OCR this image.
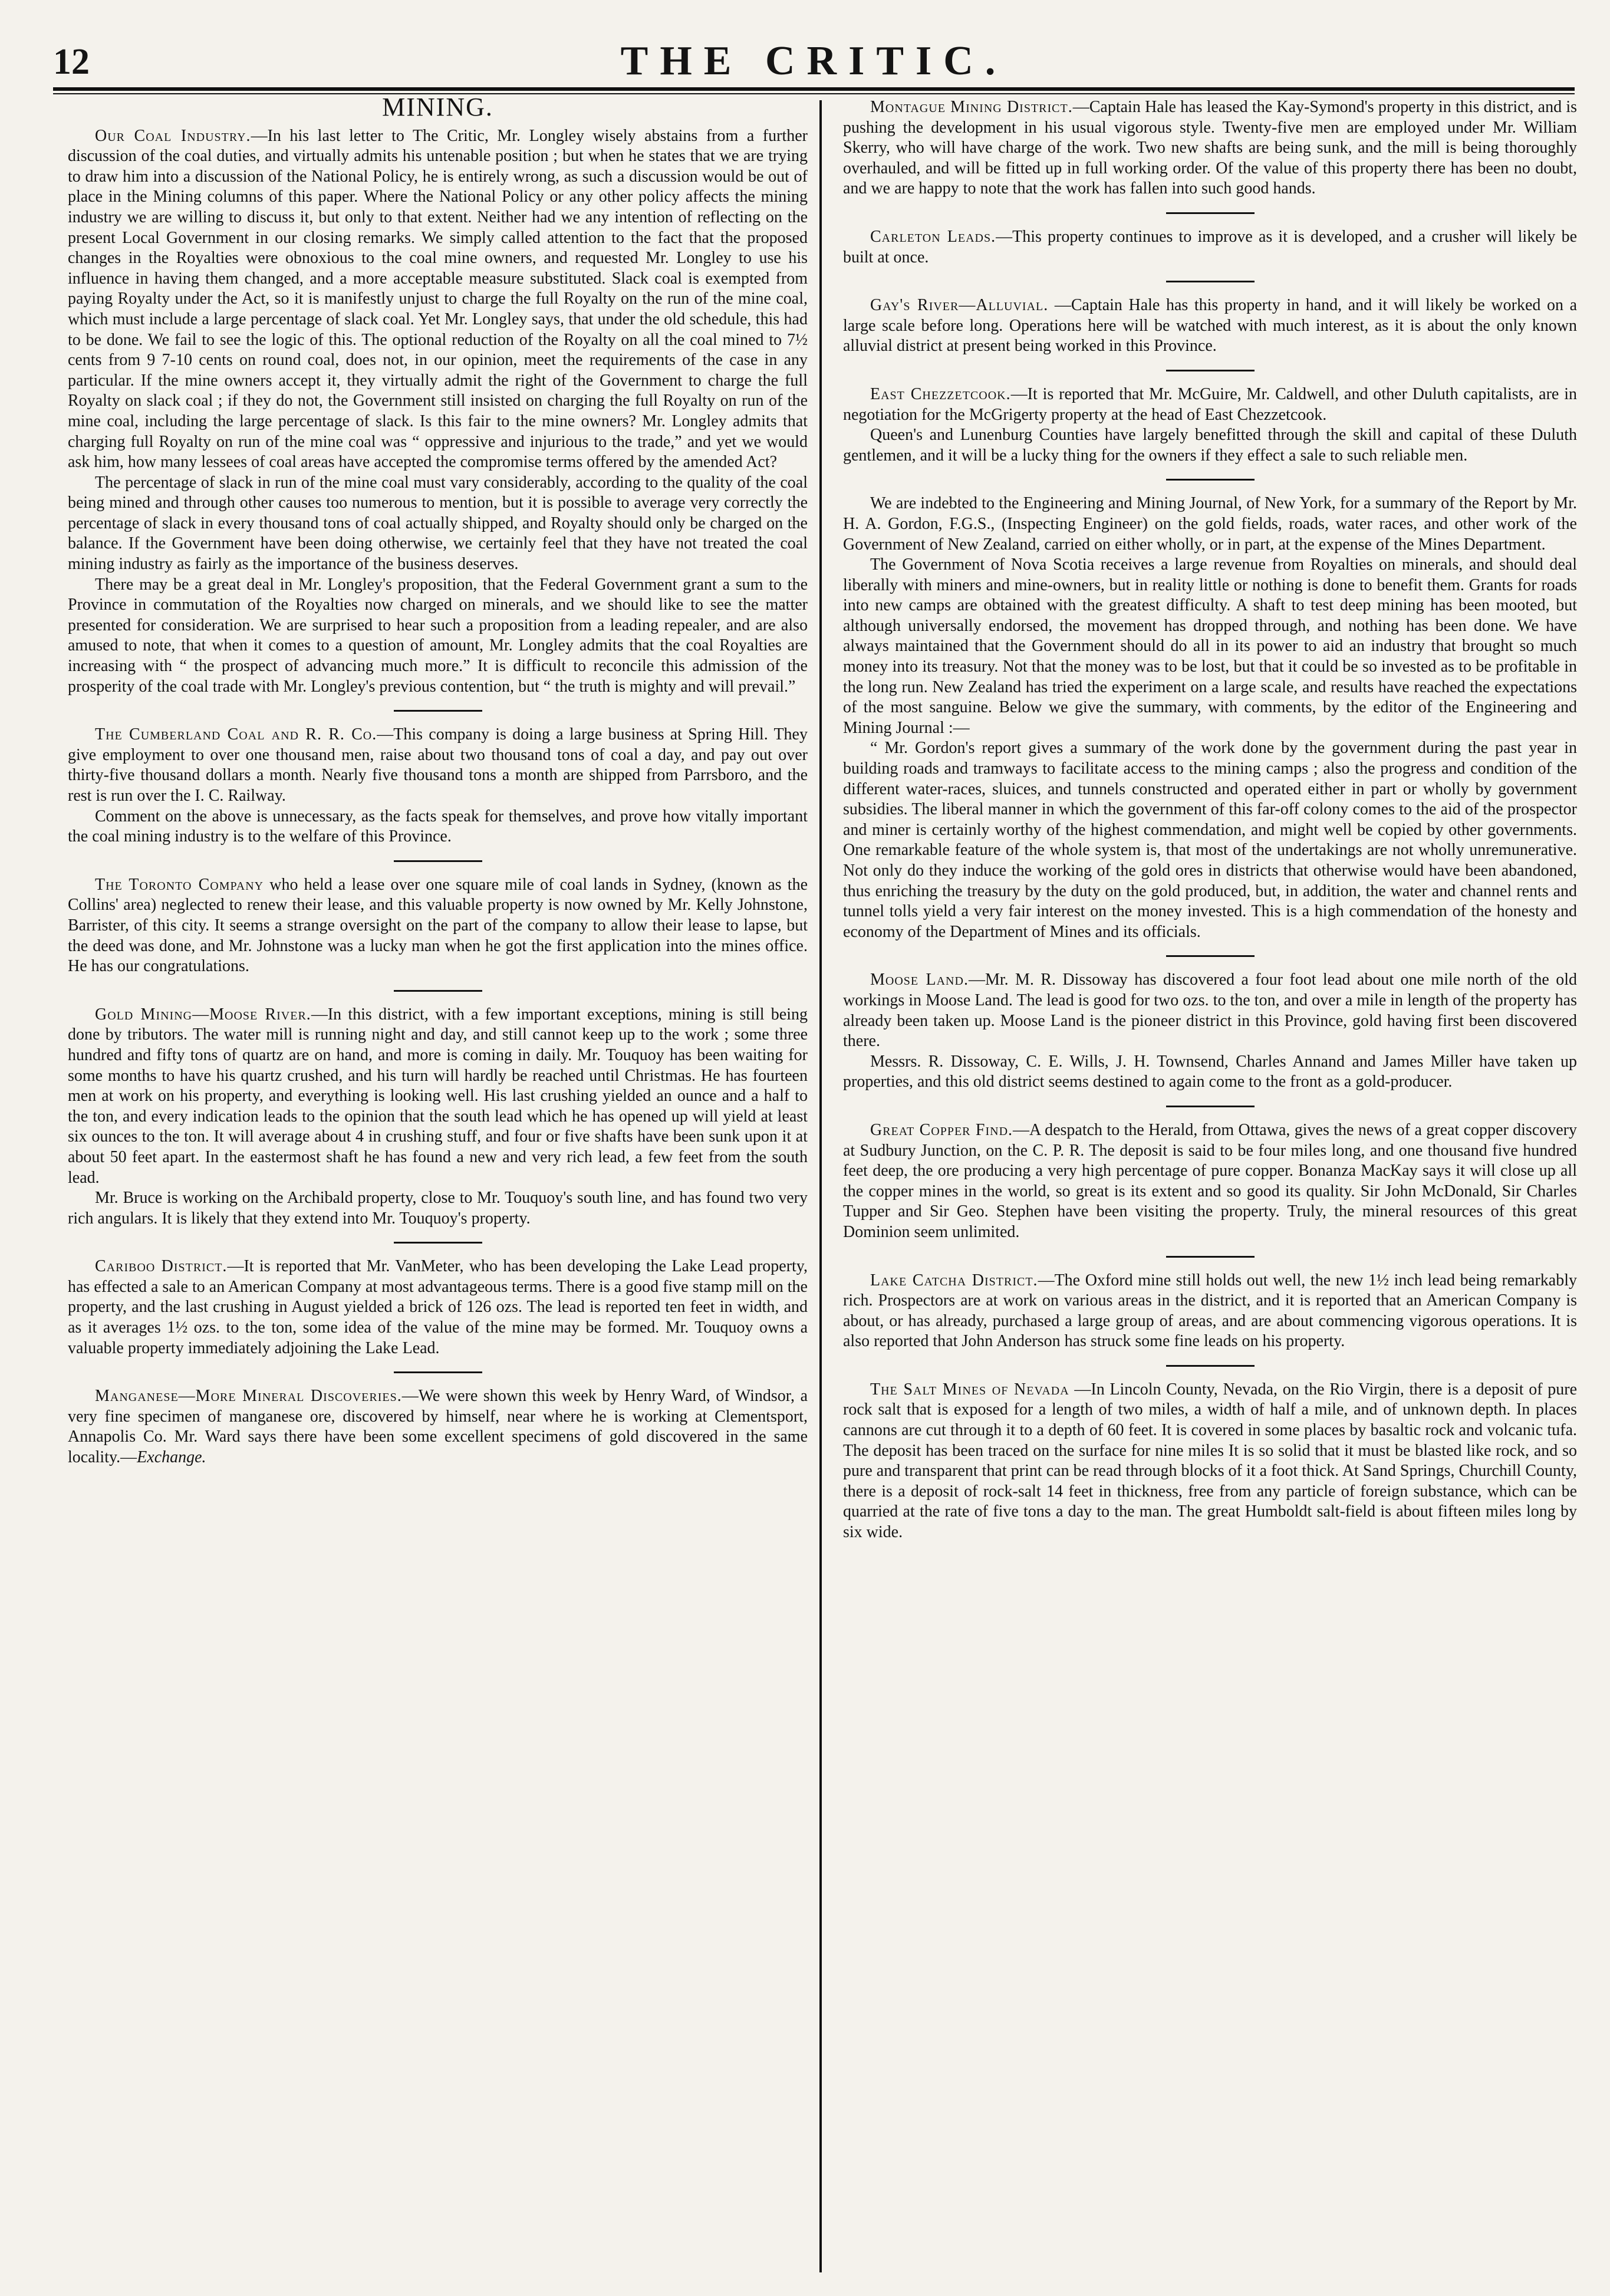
12	THE CRITIC.
MINING.

Our Coal Industry.—In his last letter to The Critic, Mr. Longley wisely abstains from a further discussion of the coal duties, and virtually admits his untenable position ; but when he states that we are trying to draw him into a discussion of the National Policy, he is entirely wrong, as such a discussion would be out of place in the Mining columns of this paper. Where the National Policy or any other policy affects the mining industry we are willing to discuss it, but only to that extent. Neither had we any intention of reflecting on the present Local Government in our closing remarks. We simply called attention to the fact that the proposed changes in the Royalties were obnoxious to the coal mine owners, and requested Mr. Longley to use his influence in having them changed, and a more acceptable measure substituted. Slack coal is exempted from paying Royalty under the Act, so it is manifestly unjust to charge the full Royalty on the run of the mine coal, which must include a large percentage of slack coal. Yet Mr. Longley says, that under the old schedule, this had to be done. We fail to see the logic of this. The optional reduction of the Royalty on all the coal mined to 7½ cents from 9 7-10 cents on round coal, does not, in our opinion, meet the requirements of the case in any particular. If the mine owners accept it, they virtually admit the right of the Government to charge the full Royalty on slack coal ; if they do not, the Government still insisted on charging the full Royalty on run of the mine coal, including the large percentage of slack. Is this fair to the mine owners? Mr. Longley admits that charging full Royalty on run of the mine coal was “ oppressive and injurious to the trade,” and yet we would ask him, how many lessees of coal areas have accepted the compromise terms offered by the amended Act?

The percentage of slack in run of the mine coal must vary considerably, according to the quality of the coal being mined and through other causes too numerous to mention, but it is possible to average very correctly the percentage of slack in every thousand tons of coal actually shipped, and Royalty should only be charged on the balance. If the Government have been doing otherwise, we certainly feel that they have not treated the coal mining industry as fairly as the importance of the business deserves.

There may be a great deal in Mr. Longley's proposition, that the Federal Government grant a sum to the Province in commutation of the Royalties now charged on minerals, and we should like to see the matter presented for consideration. We are surprised to hear such a proposition from a leading repealer, and are also amused to note, that when it comes to a question of amount, Mr. Longley admits that the coal Royalties are increasing with “ the prospect of advancing much more.” It is difficult to reconcile this admission of the prosperity of the coal trade with Mr. Longley's previous contention, but “ the truth is mighty and will prevail.”

The Cumberland Coal and R. R. Co.—This company is doing a large business at Spring Hill. They give employment to over one thousand men, raise about two thousand tons of coal a day, and pay out over thirty-five thousand dollars a month. Nearly five thousand tons a month are shipped from Parrsboro, and the rest is run over the I. C. Railway.

Comment on the above is unnecessary, as the facts speak for themselves, and prove how vitally important the coal mining industry is to the welfare of this Province.

The Toronto Company who held a lease over one square mile of coal lands in Sydney, (known as the Collins' area) neglected to renew their lease, and this valuable property is now owned by Mr. Kelly Johnstone, Barrister, of this city. It seems a strange oversight on the part of the company to allow their lease to lapse, but the deed was done, and Mr. Johnstone was a lucky man when he got the first application into the mines office. He has our congratulations.

Gold Mining—Moose River.—In this district, with a few important exceptions, mining is still being done by tributors. The water mill is running night and day, and still cannot keep up to the work ; some three hundred and fifty tons of quartz are on hand, and more is coming in daily. Mr. Touquoy has been waiting for some months to have his quartz crushed, and his turn will hardly be reached until Christmas. He has fourteen men at work on his property, and everything is looking well. His last crushing yielded an ounce and a half to the ton, and every indication leads to the opinion that the south lead which he has opened up will yield at least six ounces to the ton. It will average about 4 in crushing stuff, and four or five shafts have been sunk upon it at about 50 feet apart. In the eastermost shaft he has found a new and very rich lead, a few feet from the south lead.

Mr. Bruce is working on the Archibald property, close to Mr. Touquoy's south line, and has found two very rich angulars. It is likely that they extend into Mr. Touquoy's property.

Cariboo District.—It is reported that Mr. VanMeter, who has been developing the Lake Lead property, has effected a sale to an American Company at most advantageous terms. There is a good five stamp mill on the property, and the last crushing in August yielded a brick of 126 ozs. The lead is reported ten feet in width, and as it averages 1½ ozs. to the ton, some idea of the value of the mine may be formed. Mr. Touquoy owns a valuable property immediately adjoining the Lake Lead.

Manganese—More Mineral Discoveries.—We were shown this week by Henry Ward, of Windsor, a very fine specimen of manganese ore, discovered by himself, near where he is working at Clementsport, Annapolis Co. Mr. Ward says there have been some excellent specimens of gold discovered in the same locality.—Exchange.

Montague Mining District.—Captain Hale has leased the Kay-Symond's property in this district, and is pushing the development in his usual vigorous style. Twenty-five men are employed under Mr. William Skerry, who will have charge of the work. Two new shafts are being sunk, and the mill is being thoroughly overhauled, and will be fitted up in full working order. Of the value of this property there has been no doubt, and we are happy to note that the work has fallen into such good hands.

Carleton Leads.—This property continues to improve as it is developed, and a crusher will likely be built at once.

Gay's River—Alluvial. —Captain Hale has this property in hand, and it will likely be worked on a large scale before long. Operations here will be watched with much interest, as it is about the only known alluvial district at present being worked in this Province.

East Chezzetcook.—It is reported that Mr. McGuire, Mr. Caldwell, and other Duluth capitalists, are in negotiation for the McGrigerty property at the head of East Chezzetcook.

Queen's and Lunenburg Counties have largely benefitted through the skill and capital of these Duluth gentlemen, and it will be a lucky thing for the owners if they effect a sale to such reliable men.

We are indebted to the Engineering and Mining Journal, of New York, for a summary of the Report by Mr. H. A. Gordon, F.G.S., (Inspecting Engineer) on the gold fields, roads, water races, and other work of the Government of New Zealand, carried on either wholly, or in part, at the expense of the Mines Department.

The Government of Nova Scotia receives a large revenue from Royalties on minerals, and should deal liberally with miners and mine-owners, but in reality little or nothing is done to benefit them. Grants for roads into new camps are obtained with the greatest difficulty. A shaft to test deep mining has been mooted, but although universally endorsed, the movement has dropped through, and nothing has been done. We have always maintained that the Government should do all in its power to aid an industry that brought so much money into its treasury. Not that the money was to be lost, but that it could be so invested as to be profitable in the long run. New Zealand has tried the experiment on a large scale, and results have reached the expectations of the most sanguine. Below we give the summary, with comments, by the editor of the Engineering and Mining Journal :—

“ Mr. Gordon's report gives a summary of the work done by the government during the past year in building roads and tramways to facilitate access to the mining camps ; also the progress and condition of the different water-races, sluices, and tunnels constructed and operated either in part or wholly by government subsidies. The liberal manner in which the government of this far-off colony comes to the aid of the prospector and miner is certainly worthy of the highest commendation, and might well be copied by other governments. One remarkable feature of the whole system is, that most of the undertakings are not wholly unremunerative. Not only do they induce the working of the gold ores in districts that otherwise would have been abandoned, thus enriching the treasury by the duty on the gold produced, but, in addition, the water and channel rents and tunnel tolls yield a very fair interest on the money invested. This is a high commendation of the honesty and economy of the Department of Mines and its officials.

Moose Land.—Mr. M. R. Dissoway has discovered a four foot lead about one mile north of the old workings in Moose Land. The lead is good for two ozs. to the ton, and over a mile in length of the property has already been taken up. Moose Land is the pioneer district in this Province, gold having first been discovered there.

Messrs. R. Dissoway, C. E. Wills, J. H. Townsend, Charles Annand and James Miller have taken up properties, and this old district seems destined to again come to the front as a gold-producer.

Great Copper Find.—A despatch to the Herald, from Ottawa, gives the news of a great copper discovery at Sudbury Junction, on the C. P. R. The deposit is said to be four miles long, and one thousand five hundred feet deep, the ore producing a very high percentage of pure copper. Bonanza MacKay says it will close up all the copper mines in the world, so great is its extent and so good its quality. Sir John McDonald, Sir Charles Tupper and Sir Geo. Stephen have been visiting the property. Truly, the mineral resources of this great Dominion seem unlimited.

Lake Catcha District.—The Oxford mine still holds out well, the new 1½ inch lead being remarkably rich. Prospectors are at work on various areas in the district, and it is reported that an American Company is about, or has already, purchased a large group of areas, and are about commencing vigorous operations. It is also reported that John Anderson has struck some fine leads on his property.

The Salt Mines of Nevada —In Lincoln County, Nevada, on the Rio Virgin, there is a deposit of pure rock salt that is exposed for a length of two miles, a width of half a mile, and of unknown depth. In places cannons are cut through it to a depth of 60 feet. It is covered in some places by basaltic rock and volcanic tufa. The deposit has been traced on the surface for nine miles It is so solid that it must be blasted like rock, and so pure and transparent that print can be read through blocks of it a foot thick. At Sand Springs, Churchill County, there is a deposit of rock-salt 14 feet in thickness, free from any particle of foreign substance, which can be quarried at the rate of five tons a day to the man. The great Humboldt salt-field is about fifteen miles long by six wide.
